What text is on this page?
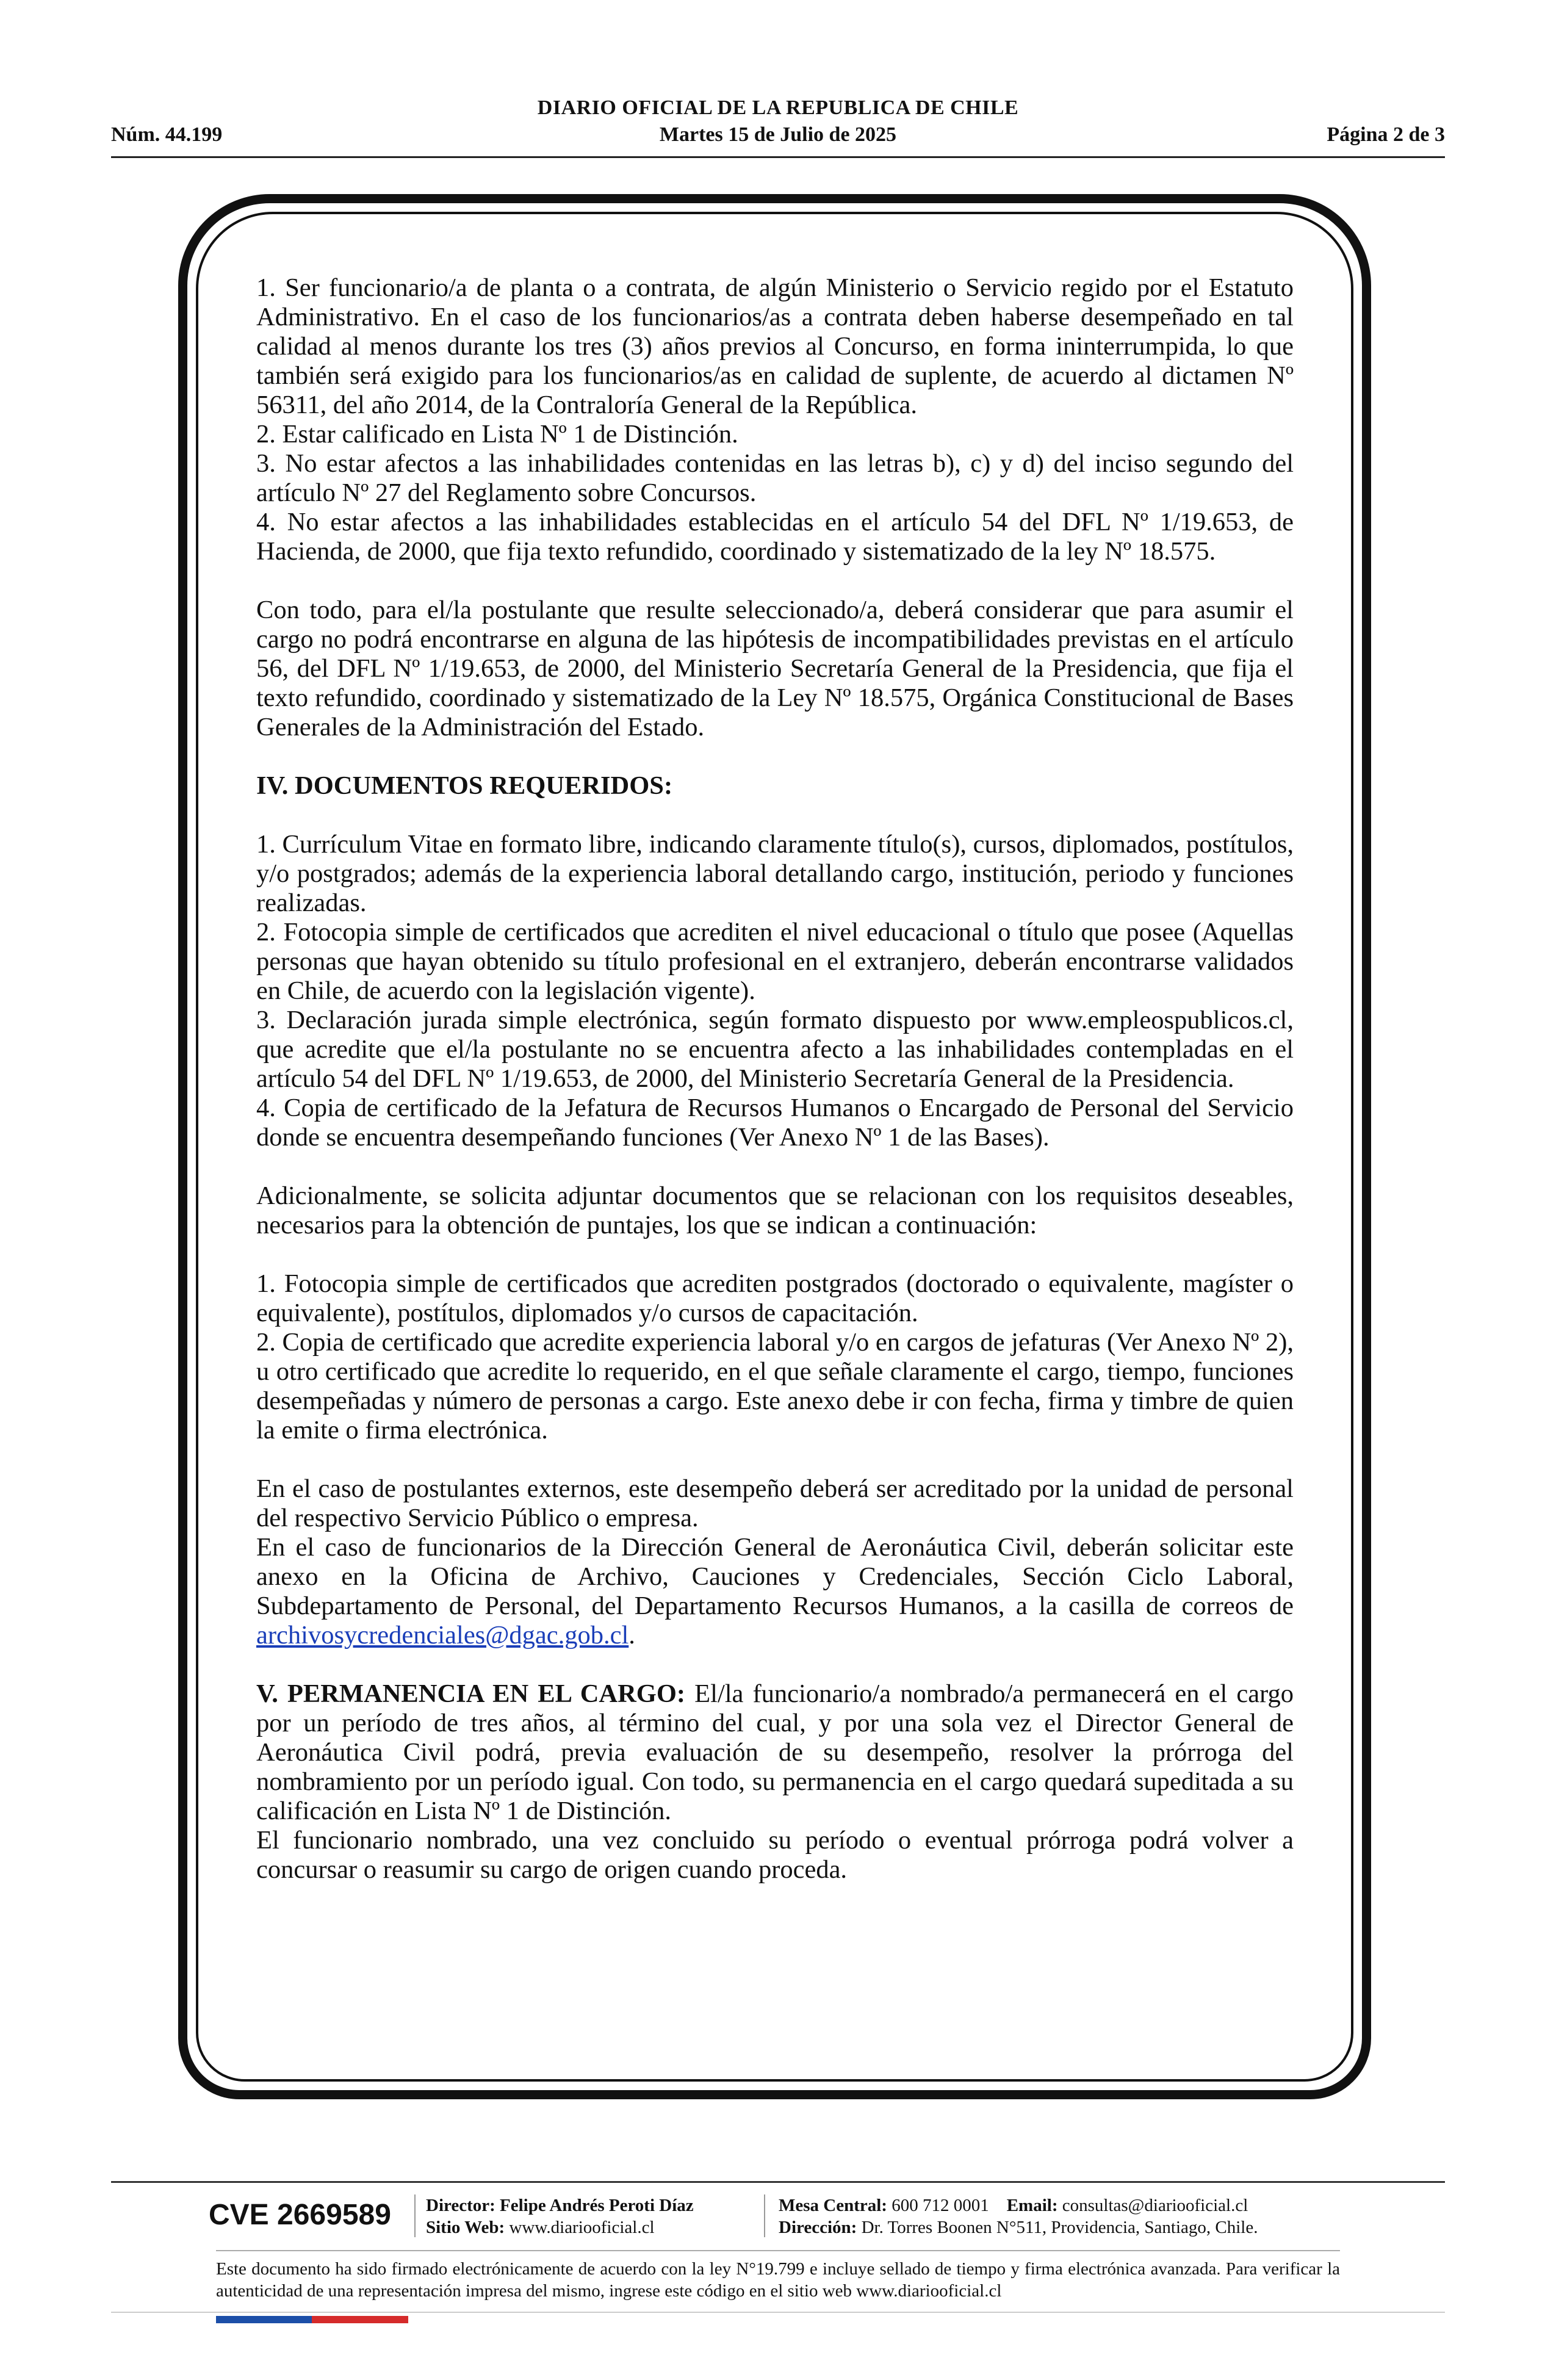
DIARIO OFICIAL DE LA REPUBLICA DE CHILE
Núm. 44.199	Martes 15 de Julio de 2025	Página 2 de 3

1. Ser funcionario/a de planta o a contrata, de algún Ministerio o Servicio regido por el Estatuto Administrativo. En el caso de los funcionarios/as a contrata deben haberse desempeñado en tal calidad al menos durante los tres (3) años previos al Concurso, en forma ininterrumpida, lo que también será exigido para los funcionarios/as en calidad de suplente, de acuerdo al dictamen Nº 56311, del año 2014, de la Contraloría General de la República.

2. Estar calificado en Lista Nº 1 de Distinción.

3. No estar afectos a las inhabilidades contenidas en las letras b), c) y d) del inciso segundo del artículo Nº 27 del Reglamento sobre Concursos.

4. No estar afectos a las inhabilidades establecidas en el artículo 54 del DFL Nº 1/19.653, de Hacienda, de 2000, que fija texto refundido, coordinado y sistematizado de la ley Nº 18.575.

Con todo, para el/la postulante que resulte seleccionado/a, deberá considerar que para asumir el cargo no podrá encontrarse en alguna de las hipótesis de incompatibilidades previstas en el artículo 56, del DFL Nº 1/19.653, de 2000, del Ministerio Secretaría General de la Presidencia, que fija el texto refundido, coordinado y sistematizado de la Ley Nº 18.575, Orgánica Constitucional de Bases Generales de la Administración del Estado.

IV. DOCUMENTOS REQUERIDOS:

1. Currículum Vitae en formato libre, indicando claramente título(s), cursos, diplomados, postítulos, y/o postgrados; además de la experiencia laboral detallando cargo, institución, periodo y funciones realizadas.

2. Fotocopia simple de certificados que acrediten el nivel educacional o título que posee (Aquellas personas que hayan obtenido su título profesional en el extranjero, deberán encontrarse validados en Chile, de acuerdo con la legislación vigente).

3. Declaración jurada simple electrónica, según formato dispuesto por www.empleospublicos.cl, que acredite que el/la postulante no se encuentra afecto a las inhabilidades contempladas en el artículo 54 del DFL Nº 1/19.653, de 2000, del Ministerio Secretaría General de la Presidencia.

4. Copia de certificado de la Jefatura de Recursos Humanos o Encargado de Personal del Servicio donde se encuentra desempeñando funciones (Ver Anexo Nº 1 de las Bases).

Adicionalmente, se solicita adjuntar documentos que se relacionan con los requisitos deseables, necesarios para la obtención de puntajes, los que se indican a continuación:

1. Fotocopia simple de certificados que acrediten postgrados (doctorado o equivalente, magíster o equivalente), postítulos, diplomados y/o cursos de capacitación.

2. Copia de certificado que acredite experiencia laboral y/o en cargos de jefaturas (Ver Anexo Nº 2), u otro certificado que acredite lo requerido, en el que señale claramente el cargo, tiempo, funciones desempeñadas y número de personas a cargo. Este anexo debe ir con fecha, firma y timbre de quien la emite o firma electrónica.

En el caso de postulantes externos, este desempeño deberá ser acreditado por la unidad de personal del respectivo Servicio Público o empresa.

En el caso de funcionarios de la Dirección General de Aeronáutica Civil, deberán solicitar este anexo en la Oficina de Archivo, Cauciones y Credenciales, Sección Ciclo Laboral, Subdepartamento de Personal, del Departamento Recursos Humanos, a la casilla de correos de archivosycredenciales@dgac.gob.cl.

V. PERMANENCIA EN EL CARGO: El/la funcionario/a nombrado/a permanecerá en el cargo por un período de tres años, al término del cual, y por una sola vez el Director General de Aeronáutica Civil podrá, previa evaluación de su desempeño, resolver la prórroga del nombramiento por un período igual. Con todo, su permanencia en el cargo quedará supeditada a su calificación en Lista Nº 1 de Distinción.

El funcionario nombrado, una vez concluido su período o eventual prórroga podrá volver a concursar o reasumir su cargo de origen cuando proceda.

CVE 2669589 Director: Felipe Andrés Peroti Díaz
Sitio Web: www.diariooficial.cl
Mesa Central: 600 712 0001 Email: consultas@diariooficial.cl
Dirección: Dr. Torres Boonen N°511, Providencia, Santiago, Chile.
Este documento ha sido firmado electrónicamente de acuerdo con la ley N°19.799 e incluye sellado de tiempo y firma electrónica avanzada. Para verificar la autenticidad de una representación impresa del mismo, ingrese este código en el sitio web www.diariooficial.cl
